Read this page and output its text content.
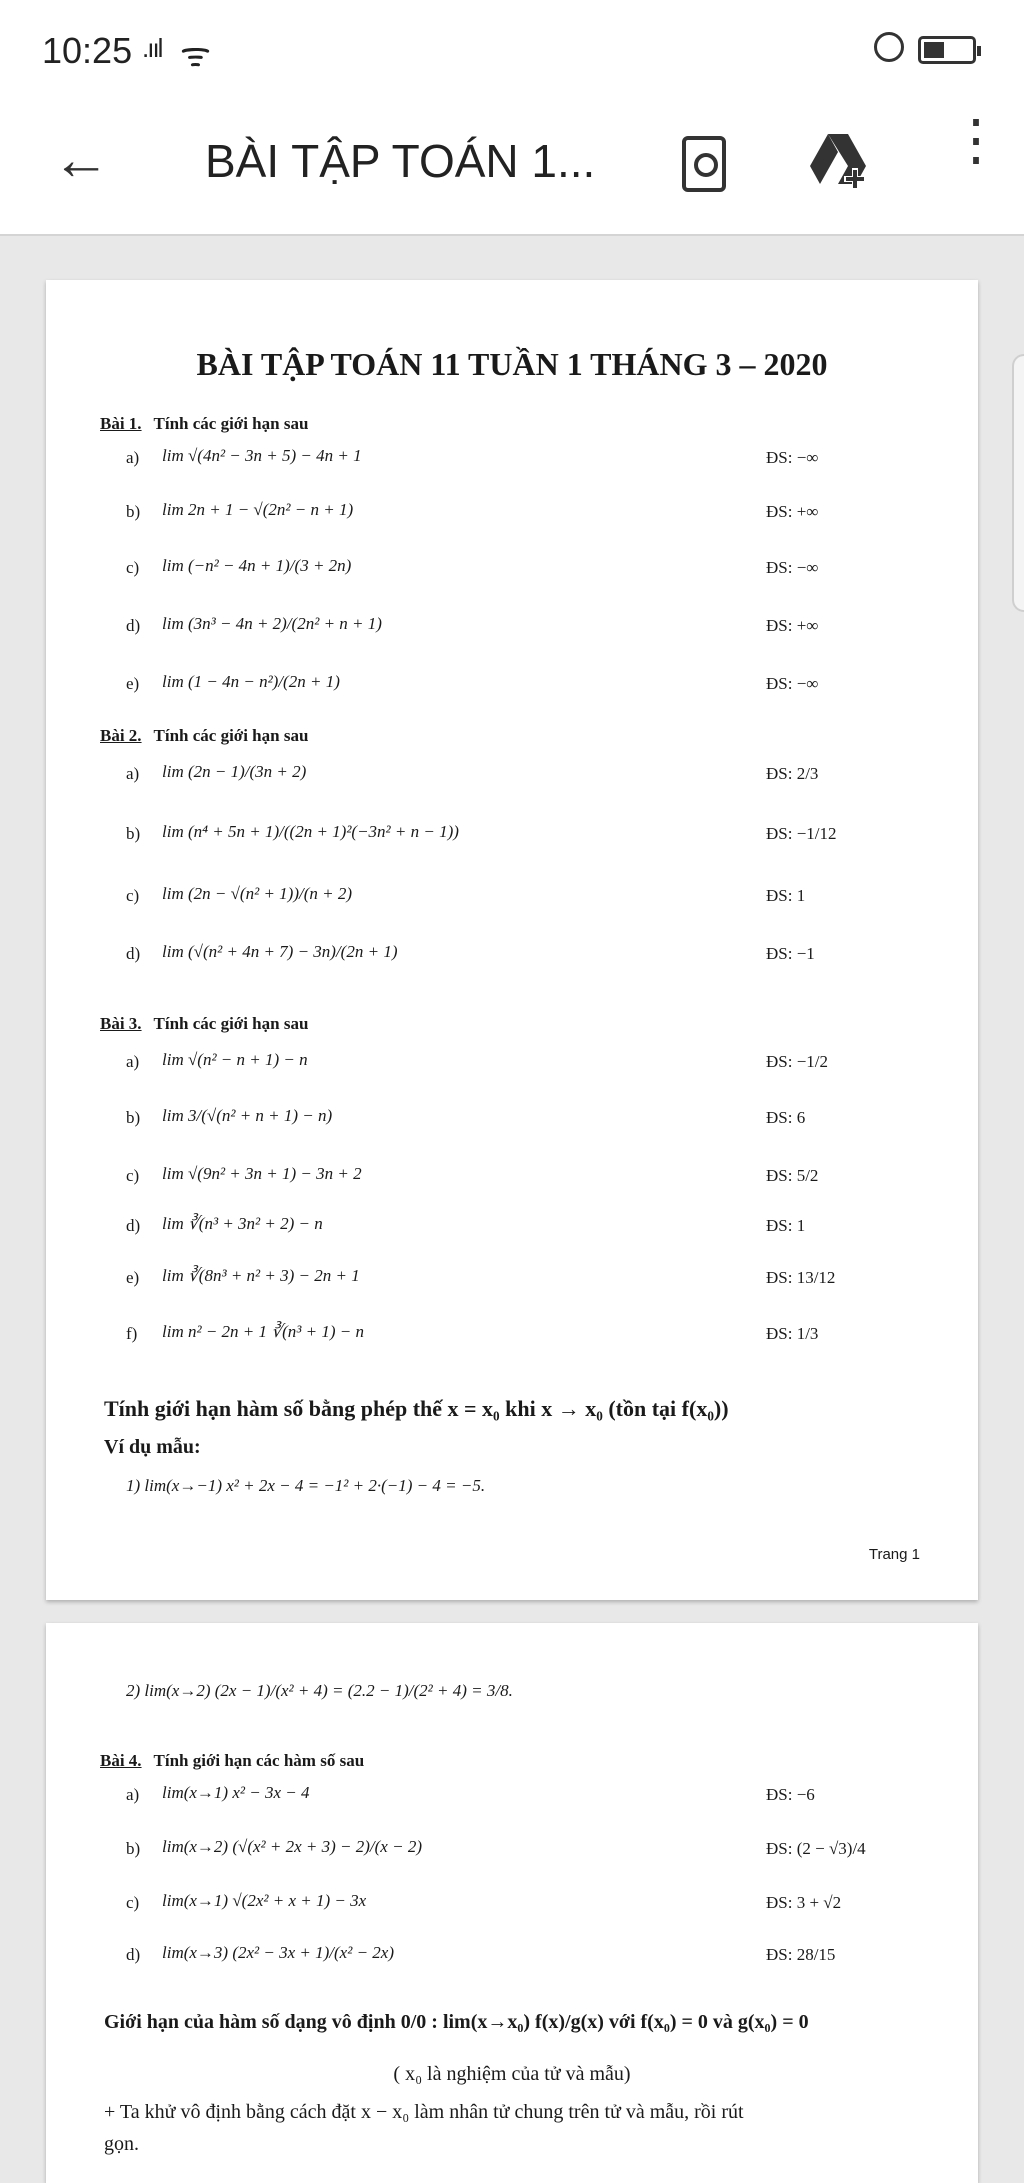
10:25 .ııl ᯤ
← BÀI TẬP TOÁN 1...	⋮
BÀI TẬP TOÁN 11 TUẦN 1 THÁNG 3 – 2020
Bài 1. Tính các giới hạn sau
a) lim √(4n² − 3n + 5) − 4n + 1	ĐS: −∞
b) lim 2n + 1 − √(2n² − n + 1)	ĐS: +∞
c) lim (−n² − 4n + 1)/(3 + 2n)	ĐS: −∞
d) lim (3n³ − 4n + 2)/(2n² + n + 1)	ĐS: +∞
e) lim (1 − 4n − n²)/(2n + 1)	ĐS: −∞
Bài 2. Tính các giới hạn sau
a) lim (2n − 1)/(3n + 2)	ĐS: 2/3
b) lim (n⁴ + 5n + 1)/((2n + 1)²(−3n² + n − 1))	ĐS: −1/12
c) lim (2n − √(n² + 1))/(n + 2)	ĐS: 1
d) lim (√(n² + 4n + 7) − 3n)/(2n + 1)	ĐS: −1
Bài 3. Tính các giới hạn sau
a) lim √(n² − n + 1) − n	ĐS: −1/2
b) lim 3/(√(n² + n + 1) − n)	ĐS: 6
c) lim √(9n² + 3n + 1) − 3n + 2	ĐS: 5/2
d) lim ∛(n³ + 3n² + 2) − n	ĐS: 1
e) lim ∛(8n³ + n² + 3) − 2n + 1	ĐS: 13/12
f) lim n² − 2n + 1 ∛(n³ + 1) − n	ĐS: 1/3
Tính giới hạn hàm số bằng phép thế x = x₀ khi x → x₀ (tồn tại f(x₀))
Ví dụ mẫu:
1) lim(x→−1) x² + 2x − 4 = −1² + 2·(−1) − 4 = −5.
Trang 1
2) lim(x→2) (2x − 1)/(x² + 4) = (2.2 − 1)/(2² + 4) = 3/8.
Bài 4. Tính giới hạn các hàm số sau
a) lim(x→1) x² − 3x − 4	ĐS: −6
b) lim(x→2) (√(x² + 2x + 3) − 2)/(x − 2)	ĐS: (2 − √3)/4
c) lim(x→1) √(2x² + x + 1) − 3x	ĐS: 3 + √2
d) lim(x→3) (2x² − 3x + 1)/(x² − 2x)	ĐS: 28/15
Giới hạn của hàm số dạng vô định 0/0 : lim(x→x₀) f(x)/g(x) với f(x₀) = 0 và g(x₀) = 0
( x₀ là nghiệm của tử và mẫu)
+ Ta khử vô định bằng cách đặt x − x₀ làm nhân tử chung trên tử và mẫu, rồi rút
gọn.
